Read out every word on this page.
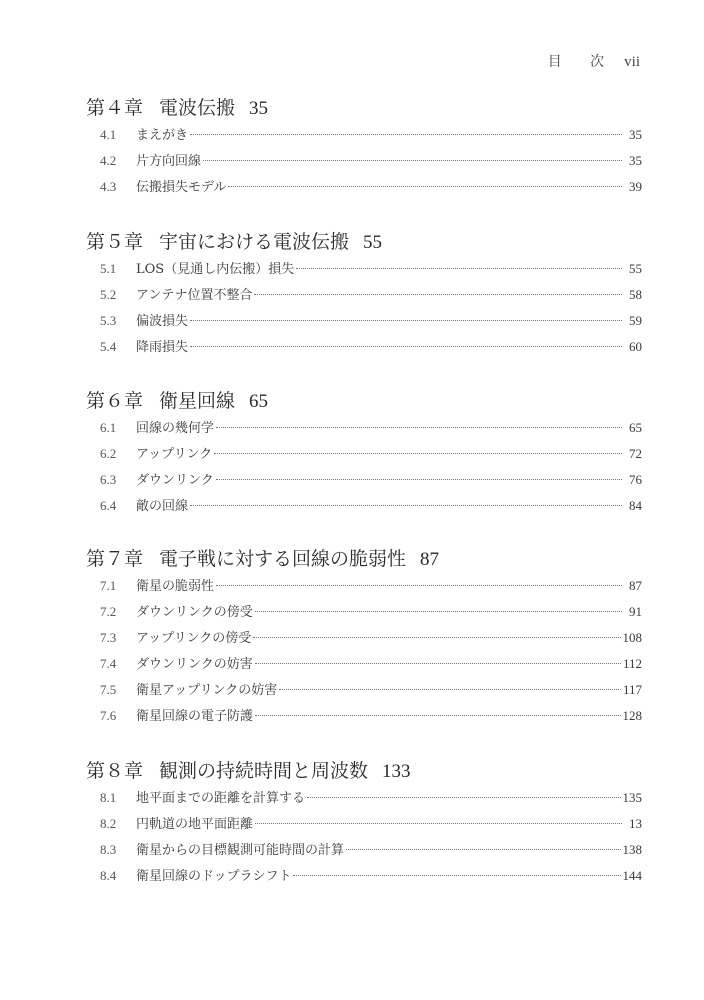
目 次 vii
第４章 電波伝搬 35
4.1	まえがき	35
4.2	片方向回線	35
4.3	伝搬損失モデル	39
第５章 宇宙における電波伝搬 55
5.1	LOS（見通し内伝搬）損失	55
5.2	アンテナ位置不整合	58
5.3	偏波損失	59
5.4	降雨損失	60
第６章 衛星回線 65
6.1	回線の幾何学	65
6.2	アップリンク	72
6.3	ダウンリンク	76
6.4	敵の回線	84
第７章 電子戦に対する回線の脆弱性 87
7.1	衛星の脆弱性	87
7.2	ダウンリンクの傍受	91
7.3	アップリンクの傍受	108
7.4	ダウンリンクの妨害	112
7.5	衛星アップリンクの妨害	117
7.6	衛星回線の電子防護	128
第８章 観測の持続時間と周波数 133
8.1	地平面までの距離を計算する	135
8.2	円軌道の地平面距離	13
8.3	衛星からの目標観測可能時間の計算	138
8.4	衛星回線のドップラシフト	144
